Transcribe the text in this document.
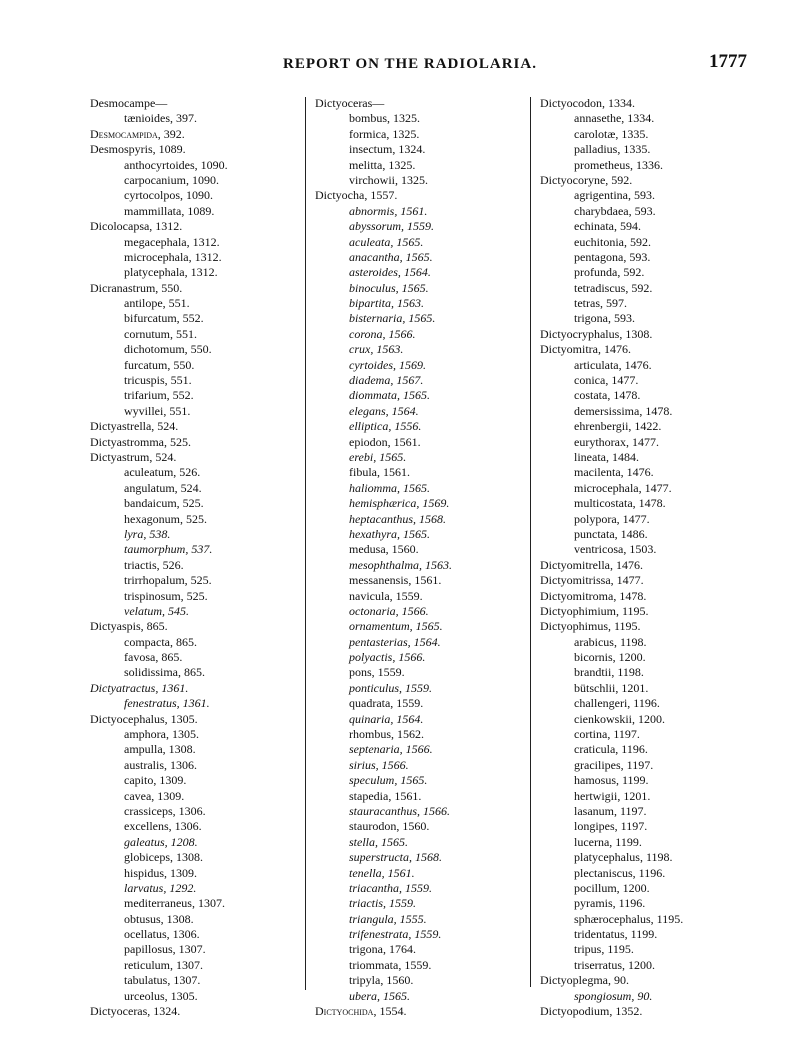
REPORT ON THE RADIOLARIA.	1777
Desmocampe—
tænioides, 397.
Desmocampida, 392.
Desmospyris, 1089.
anthocyrtoides, 1090.
carpocanium, 1090.
cyrtocolpos, 1090.
mammillata, 1089.
Dicolocapsa, 1312.
megacephala, 1312.
microcephala, 1312.
platycephala, 1312.
Dicranastrum, 550.
antilope, 551.
bifurcatum, 552.
cornutum, 551.
dichotomum, 550.
furcatum, 550.
tricuspis, 551.
trifarium, 552.
wyvillei, 551.
Dictyastrella, 524.
Dictyastromma, 525.
Dictyastrum, 524.
aculeatum, 526.
angulatum, 524.
bandaicum, 525.
hexagonum, 525.
lyra, 538.
taumorphum, 537.
triactis, 526.
trirrhopalum, 525.
trispinosum, 525.
velatum, 545.
Dictyaspis, 865.
compacta, 865.
favosa, 865.
solidissima, 865.
Dictyatractus, 1361.
fenestratus, 1361.
Dictyocephalus, 1305.
amphora, 1305.
ampulla, 1308.
australis, 1306.
capito, 1309.
cavea, 1309.
crassiceps, 1306.
excellens, 1306.
galeatus, 1208.
globiceps, 1308.
hispidus, 1309.
larvatus, 1292.
mediterraneus, 1307.
obtusus, 1308.
ocellatus, 1306.
papillosus, 1307.
reticulum, 1307.
tabulatus, 1307.
urceolus, 1305.
Dictyoceras, 1324.
Dictyoceras—
bombus, 1325.
formica, 1325.
insectum, 1324.
melitta, 1325.
virchowii, 1325.
Dictyocha, 1557.
abnormis, 1561.
abyssorum, 1559.
aculeata, 1565.
anacantha, 1565.
asteroides, 1564.
binoculus, 1565.
bipartita, 1563.
bisternaria, 1565.
corona, 1566.
crux, 1563.
cyrtoides, 1569.
diadema, 1567.
diommata, 1565.
elegans, 1564.
elliptica, 1556.
epiodon, 1561.
erebi, 1565.
fibula, 1561.
haliomma, 1565.
hemisphærica, 1569.
heptacanthus, 1568.
hexathyra, 1565.
medusa, 1560.
mesophthalma, 1563.
messanensis, 1561.
navicula, 1559.
octonaria, 1566.
ornamentum, 1565.
pentasterias, 1564.
polyactis, 1566.
pons, 1559.
ponticulus, 1559.
quadrata, 1559.
quinaria, 1564.
rhombus, 1562.
septenaria, 1566.
sirius, 1566.
speculum, 1565.
stapedia, 1561.
stauracanthus, 1566.
staurodon, 1560.
stella, 1565.
superstructa, 1568.
tenella, 1561.
triacantha, 1559.
triactis, 1559.
triangula, 1555.
trifenestrata, 1559.
trigona, 1764.
triommata, 1559.
tripyla, 1560.
ubera, 1565.
Dictyochida, 1554.
Dictyocodon, 1334.
annasethe, 1334.
carolotæ, 1335.
palladius, 1335.
prometheus, 1336.
Dictyocoryne, 592.
agrigentina, 593.
charybdaea, 593.
echinata, 594.
euchitonia, 592.
pentagona, 593.
profunda, 592.
tetradiscus, 592.
tetras, 597.
trigona, 593.
Dictyocryphalus, 1308.
Dictyomitra, 1476.
articulata, 1476.
conica, 1477.
costata, 1478.
demersissima, 1478.
ehrenbergii, 1422.
eurythorax, 1477.
lineata, 1484.
macilenta, 1476.
microcephala, 1477.
multicostata, 1478.
polypora, 1477.
punctata, 1486.
ventricosa, 1503.
Dictyomitrella, 1476.
Dictyomitrissa, 1477.
Dictyomitroma, 1478.
Dictyophimium, 1195.
Dictyophimus, 1195.
arabicus, 1198.
bicornis, 1200.
brandtii, 1198.
bütschlii, 1201.
challengeri, 1196.
cienkowskii, 1200.
cortina, 1197.
craticula, 1196.
gracilipes, 1197.
hamosus, 1199.
hertwigii, 1201.
lasanum, 1197.
longipes, 1197.
lucerna, 1199.
platycephalus, 1198.
plectaniscus, 1196.
pocillum, 1200.
pyramis, 1196.
sphærocephalus, 1195.
tridentatus, 1199.
tripus, 1195.
triserratus, 1200.
Dictyoplegma, 90.
spongiosum, 90.
Dictyopodium, 1352.
